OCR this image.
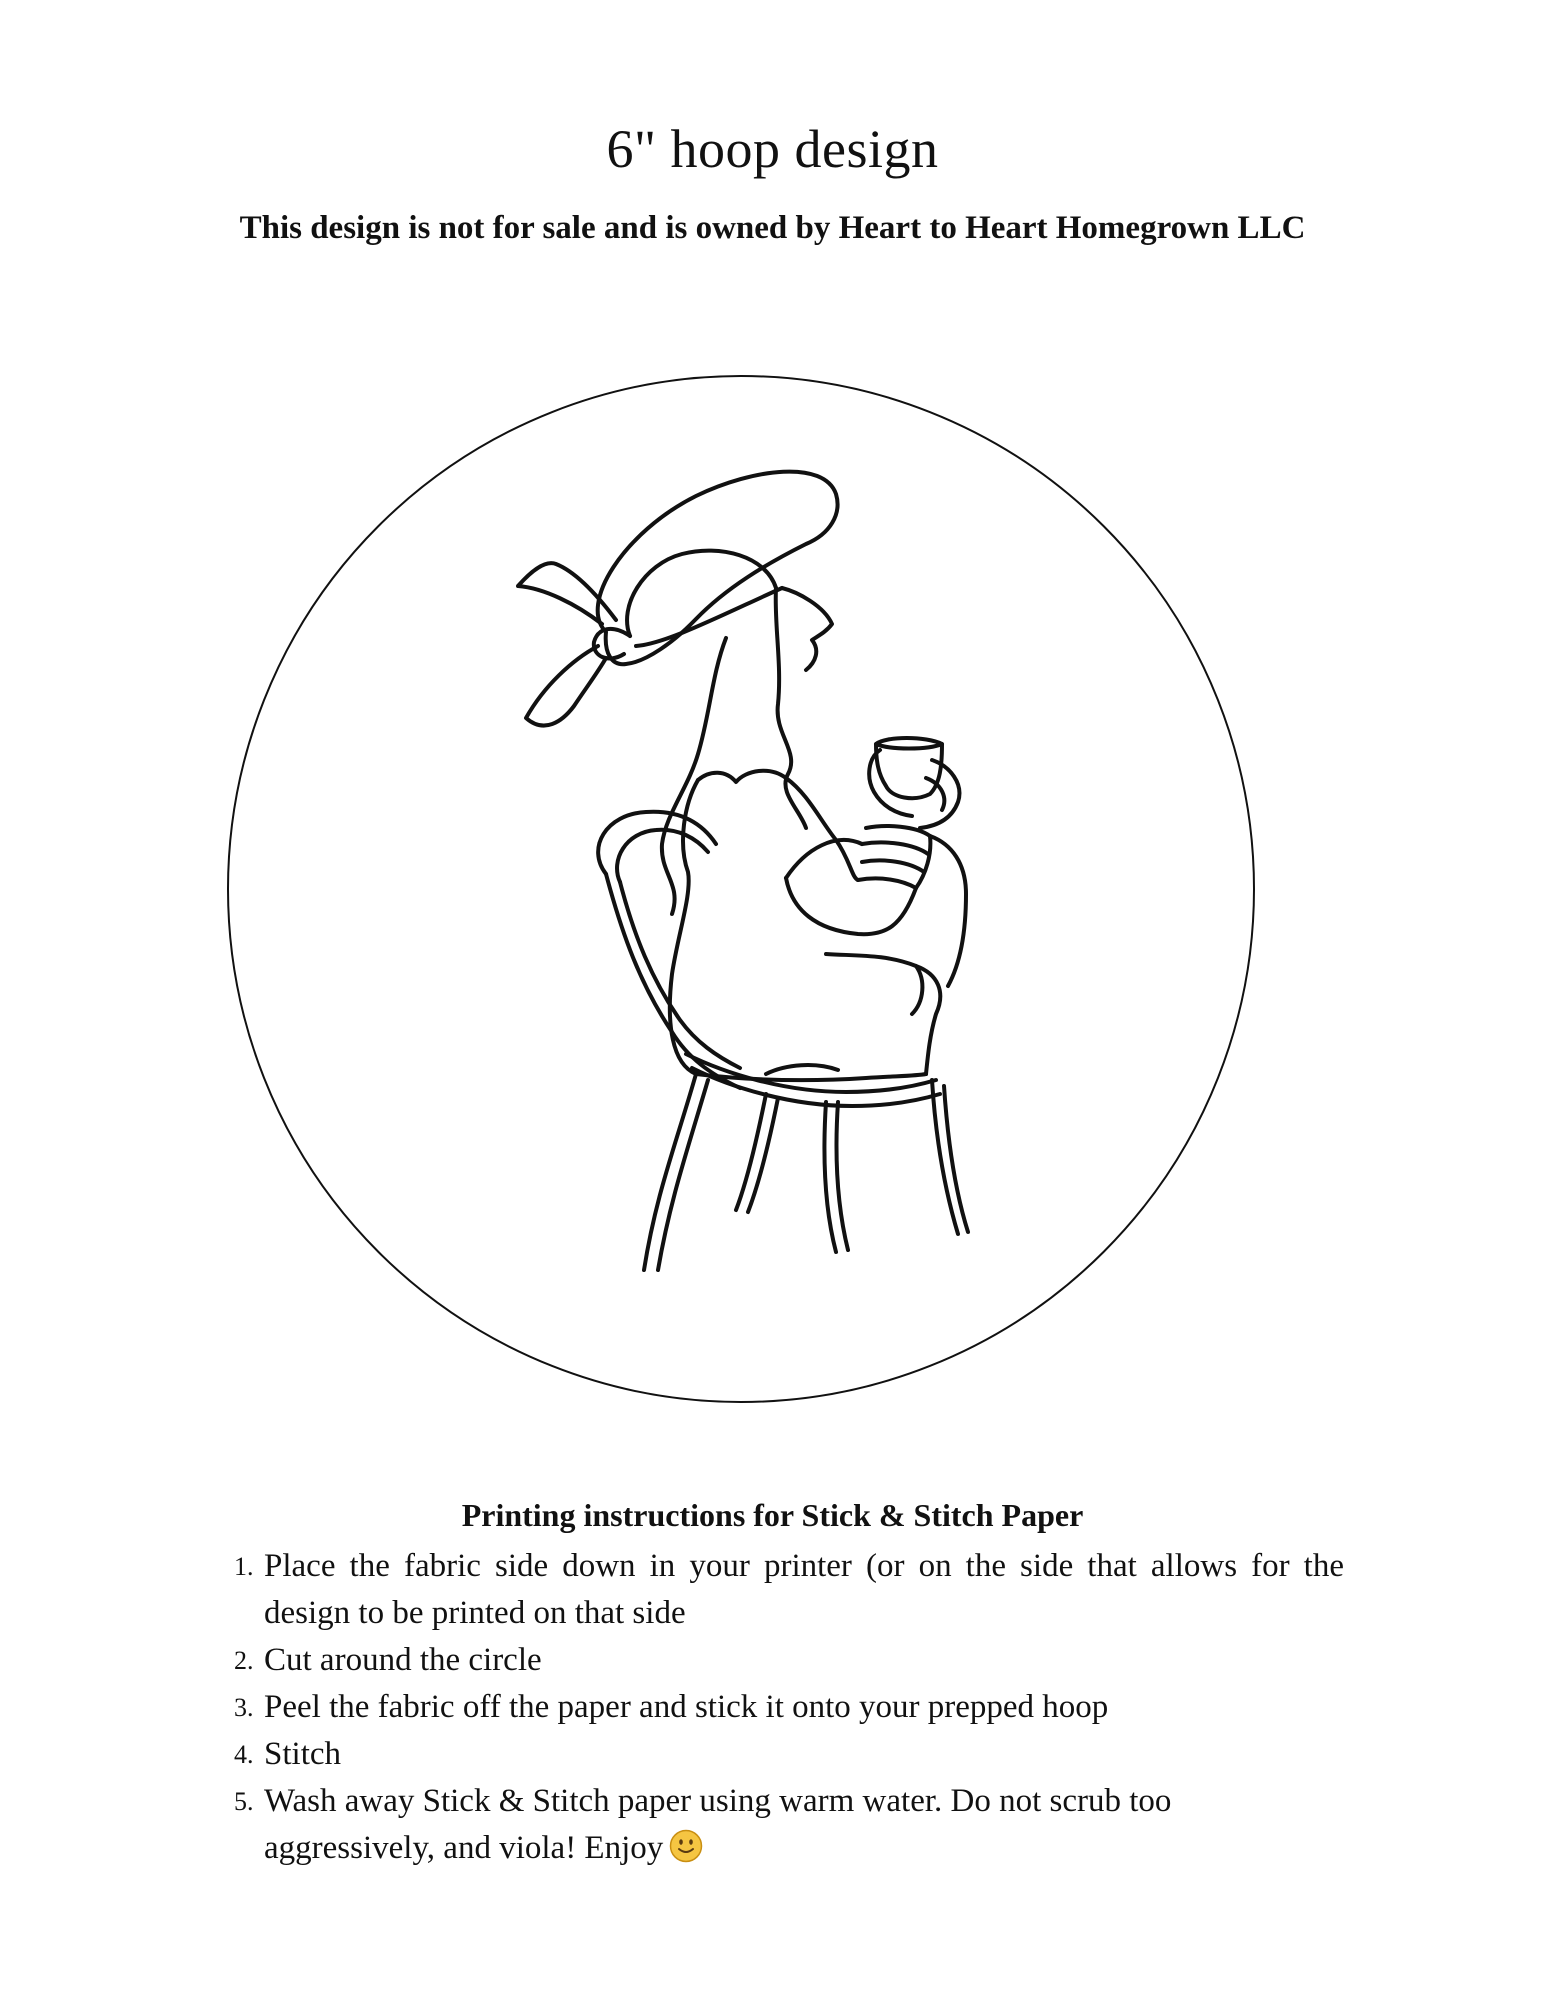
6" hoop design

This design is not for sale and is owned by Heart to Heart Homegrown LLC

Printing instructions for Stick & Stitch Paper
1. Place the fabric side down in your printer (or on the side that allows for the design to be printed on that side
2. Cut around the circle
3. Peel the fabric off the paper and stick it onto your prepped hoop
4. Stitch
5. Wash away Stick & Stitch paper using warm water. Do not scrub too aggressively, and viola! Enjoy
